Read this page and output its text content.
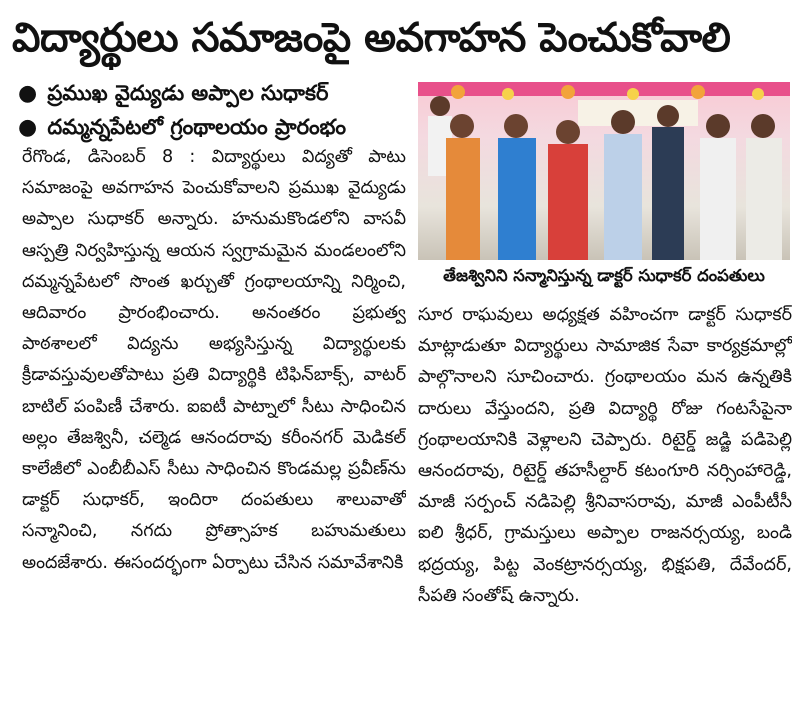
విద్యార్థులు సమాజంపై అవగాహన పెంచుకోవాలి
● ప్రముఖ వైద్యుడు అప్పాల సుధాకర్
● దమ్మన్నపేటలో గ్రంథాలయం ప్రారంభం

రేగొండ, డిసెంబర్ 8 : విద్యార్థులు విద్యతో పాటు సమాజంపై అవగాహన పెంచుకోవాలని ప్రముఖ వైద్యుడు అప్పాల సుధాకర్ అన్నారు. హనుమకొండలోని వాసవీ ఆస్పత్రి నిర్వహిస్తున్న ఆయన స్వగ్రామమైన మండలంలోని దమ్మన్నపేటలో సొంత ఖర్చుతో గ్రంథాలయాన్ని నిర్మించి, ఆదివారం ప్రారంభించారు. అనంతరం ప్రభుత్వ పాఠశాలలో విద్యను అభ్యసిస్తున్న విద్యార్థులకు క్రీడావస్తువులతోపాటు ప్రతి విద్యార్థికి టిఫిన్‌బాక్స్, వాటర్ బాటిల్ పంపిణీ చేశారు. ఐఐటీ పాట్నాలో సీటు సాధించిన అల్లం తేజశ్వినీ, చల్మెడ ఆనందరావు కరీంనగర్ మెడికల్ కాలేజీలో ఎంబీబీఎస్ సీటు సాధించిన కొండమల్ల ప్రవీణ్‌ను డాక్టర్ సుధాకర్, ఇందిరా దంపతులు శాలువాతో సన్మానించి, నగదు ప్రోత్సాహక బహుమతులు అందజేశారు. ఈసందర్భంగా ఏర్పాటు చేసిన సమావేశానికి

తేజశ్వినిని సన్మానిస్తున్న డాక్టర్ సుధాకర్ దంపతులు

సూర రాఘవులు అధ్యక్షత వహించగా డాక్టర్ సుధాకర్ మాట్లాడుతూ విద్యార్థులు సామాజిక సేవా కార్యక్రమాల్లో పాల్గొనాలని సూచించారు. గ్రంథాలయం మన ఉన్నతికి దారులు వేస్తుందని, ప్రతి విద్యార్థి రోజు గంటసేపైనా గ్రంథాలయానికి వెళ్లాలని చెప్పారు. రిటైర్డ్ జడ్జి పడిపెల్లి ఆనందరావు, రిటైర్డ్ తహసీల్దార్ కటంగూరి నర్సింహారెడ్డి, మాజీ సర్పంచ్ నడిపెల్లి శ్రీనివాసరావు, మాజీ ఎంపీటీసీ ఐలి శ్రీధర్, గ్రామస్తులు అప్పాల రాజనర్సయ్య, బండి భద్రయ్య, పిట్ట వెంకట్రానర్సయ్య, భిక్షపతి, దేవేందర్, సీపతి సంతోష్ ఉన్నారు.
